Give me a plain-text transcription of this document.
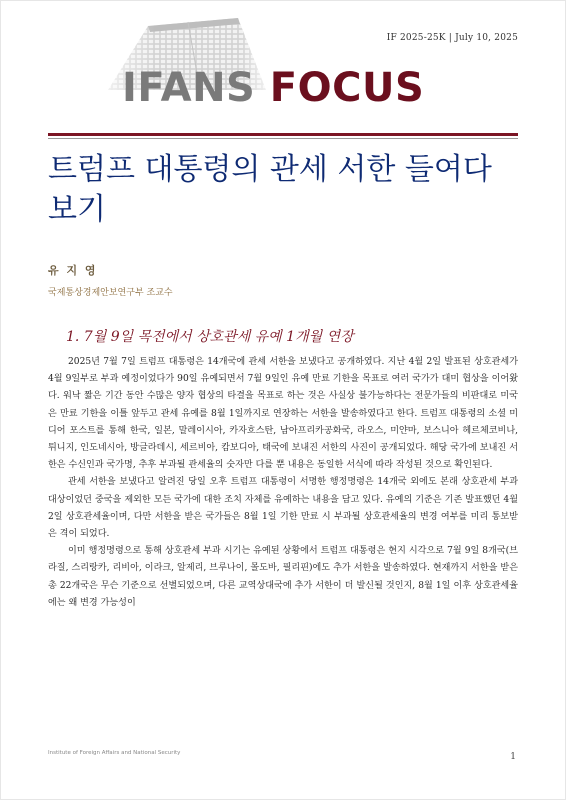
IF 2025-25K | July 10, 2025
IFANS FOCUS
트럼프 대통령의 관세 서한 들여다보기
유 지 영
국제통상경제안보연구부 조교수
1. 7월 9일 목전에서 상호관세 유예 1개월 연장

2025년 7월 7일 트럼프 대통령은 14개국에 관세 서한을 보냈다고 공개하였다. 지난 4월 2일 발표된 상호관세가 4월 9일부로 부과 예정이었다가 90일 유예되면서 7월 9일인 유예 만료 기한을 목표로 여러 국가가 대미 협상을 이어왔다. 워낙 짧은 기간 동안 수많은 양자 협상의 타결을 목표로 하는 것은 사실상 불가능하다는 전문가들의 비판대로 미국은 만료 기한을 이틀 앞두고 관세 유예를 8월 1일까지로 연장하는 서한을 발송하였다고 한다. 트럼프 대통령의 소셜 미디어 포스트를 통해 한국, 일본, 말레이시아, 카자흐스탄, 남아프리카공화국, 라오스, 미얀마, 보스니아 헤르체코비나, 튀니지, 인도네시아, 방글라데시, 세르비아, 캄보디아, 태국에 보내진 서한의 사진이 공개되었다. 해당 국가에 보내진 서한은 수신인과 국가명, 추후 부과될 관세율의 숫자만 다를 뿐 내용은 동일한 서식에 따라 작성된 것으로 확인된다.

관세 서한을 보냈다고 알려진 당일 오후 트럼프 대통령이 서명한 행정명령은 14개국 외에도 본래 상호관세 부과 대상이었던 중국을 제외한 모든 국가에 대한 조치 자체를 유예하는 내용을 담고 있다. 유예의 기준은 기존 발표했던 4월 2일 상호관세율이며, 다만 서한을 받은 국가들은 8월 1일 기한 만료 시 부과될 상호관세율의 변경 여부를 미리 통보받은 격이 되었다.

이미 행정명령으로 통해 상호관세 부과 시기는 유예된 상황에서 트럼프 대통령은 현지 시각으로 7월 9일 8개국(브라질, 스리랑카, 리비아, 이라크, 알제리, 브루나이, 몰도바, 필리핀)에도 추가 서한을 발송하였다. 현재까지 서한을 받은 총 22개국은 무슨 기준으로 선별되었으며, 다른 교역상대국에 추가 서한이 더 발신될 것인지, 8월 1일 이후 상호관세율에는 왜 변경 가능성이

Institute of Foreign Affairs and National Security	1
